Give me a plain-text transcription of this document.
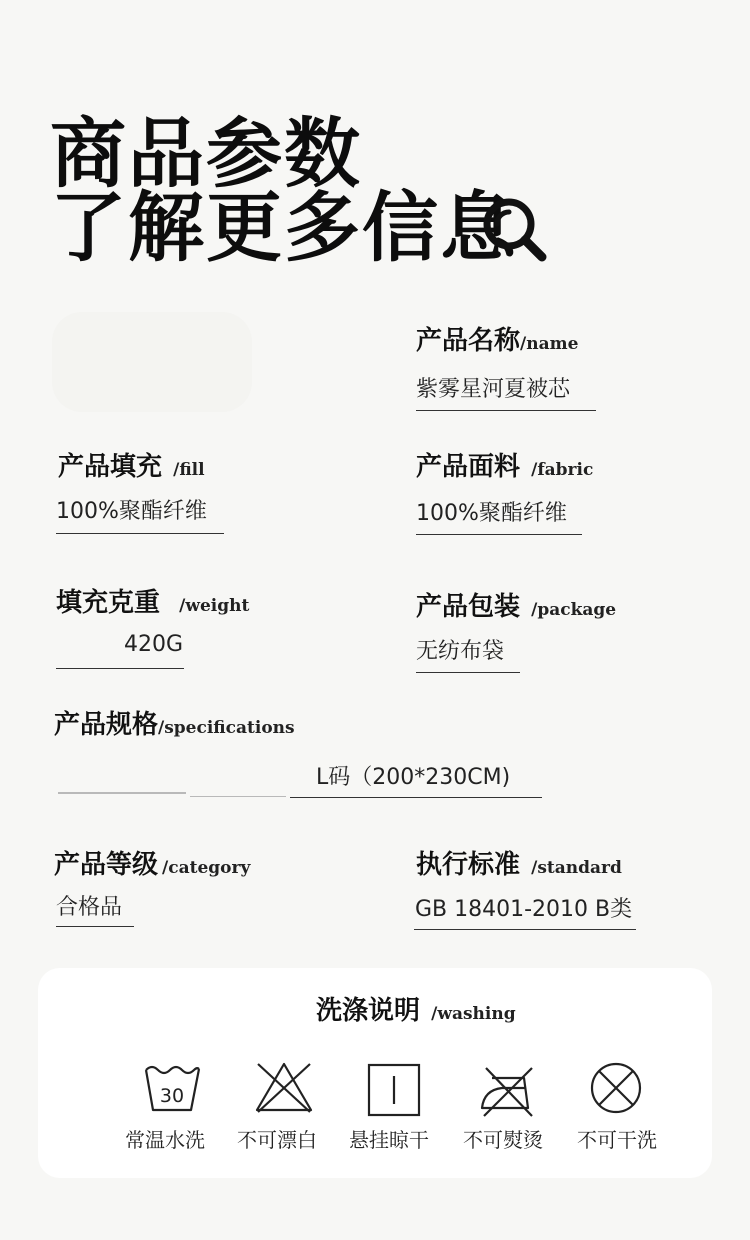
商品参数
了解更多信息
产品名称/name
紫雾星河夏被芯
产品填充 /fill
100%聚酯纤维
产品面料 /fabric
100%聚酯纤维
填充克重 /weight
420G
产品包装 /package
无纺布袋
产品规格/specifications
L码（200*230CM)
产品等级 /category
合格品
执行标准 /standard
GB 18401-2010 B类
洗涤说明 /washing
30
常温水洗	不可漂白	悬挂晾干	不可熨烫	不可干洗
